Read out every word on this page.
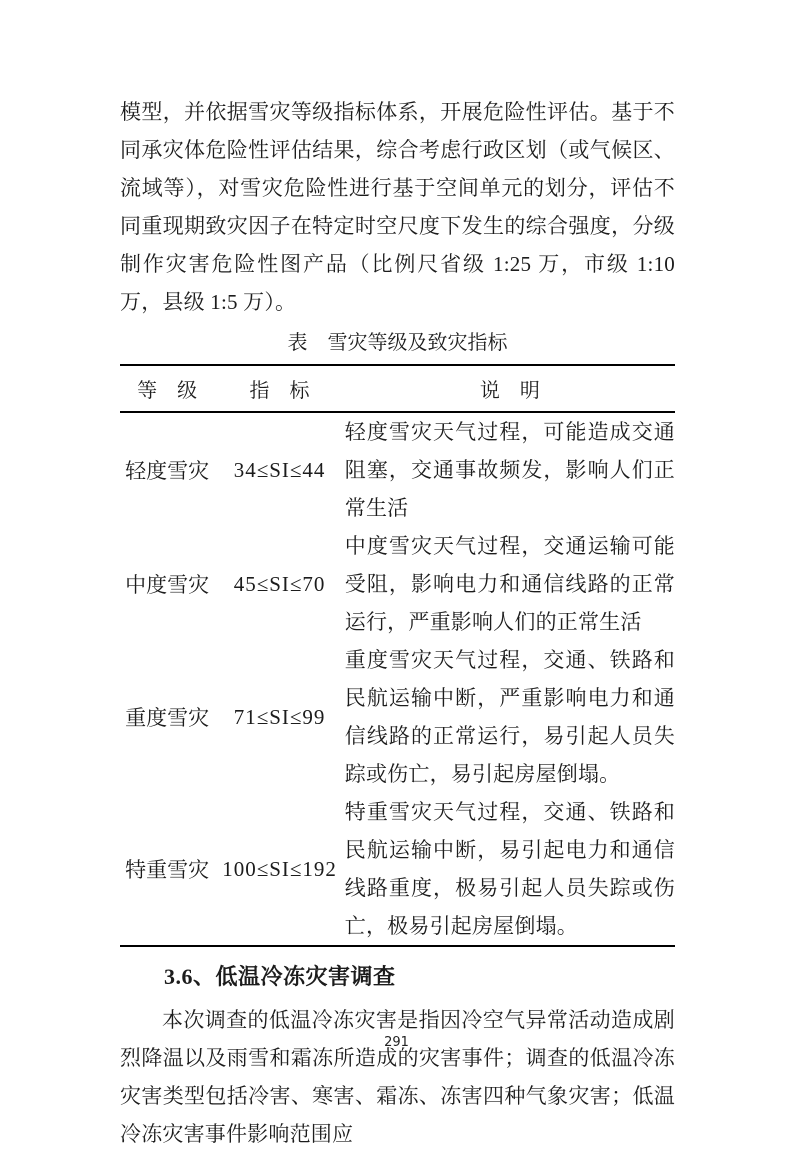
模型，并依据雪灾等级指标体系，开展危险性评估。基于不同承灾体危险性评估结果，综合考虑行政区划（或气候区、流域等），对雪灾危险性进行基于空间单元的划分，评估不同重现期致灾因子在特定时空尺度下发生的综合强度，分级制作灾害危险性图产品（比例尺省级 1:25 万，市级 1:10 万，县级 1:5 万）。

表　雪灾等级及致灾指标

等　级	指　标	说　明
轻度雪灾	34≤SI≤44	轻度雪灾天气过程，可能造成交通阻塞，交通事故频发，影响人们正常生活
中度雪灾	45≤SI≤70	中度雪灾天气过程，交通运输可能受阻，影响电力和通信线路的正常运行，严重影响人们的正常生活
重度雪灾	71≤SI≤99	重度雪灾天气过程，交通、铁路和民航运输中断，严重影响电力和通信线路的正常运行，易引起人员失踪或伤亡，易引起房屋倒塌。
特重雪灾	100≤SI≤192	特重雪灾天气过程，交通、铁路和民航运输中断，易引起电力和通信线路重度，极易引起人员失踪或伤亡，极易引起房屋倒塌。
3.6、低温冷冻灾害调查

本次调查的低温冷冻灾害是指因冷空气异常活动造成剧烈降温以及雨雪和霜冻所造成的灾害事件；调查的低温冷冻灾害类型包括冷害、寒害、霜冻、冻害四种气象灾害；低温冷冻灾害事件影响范围应

291
